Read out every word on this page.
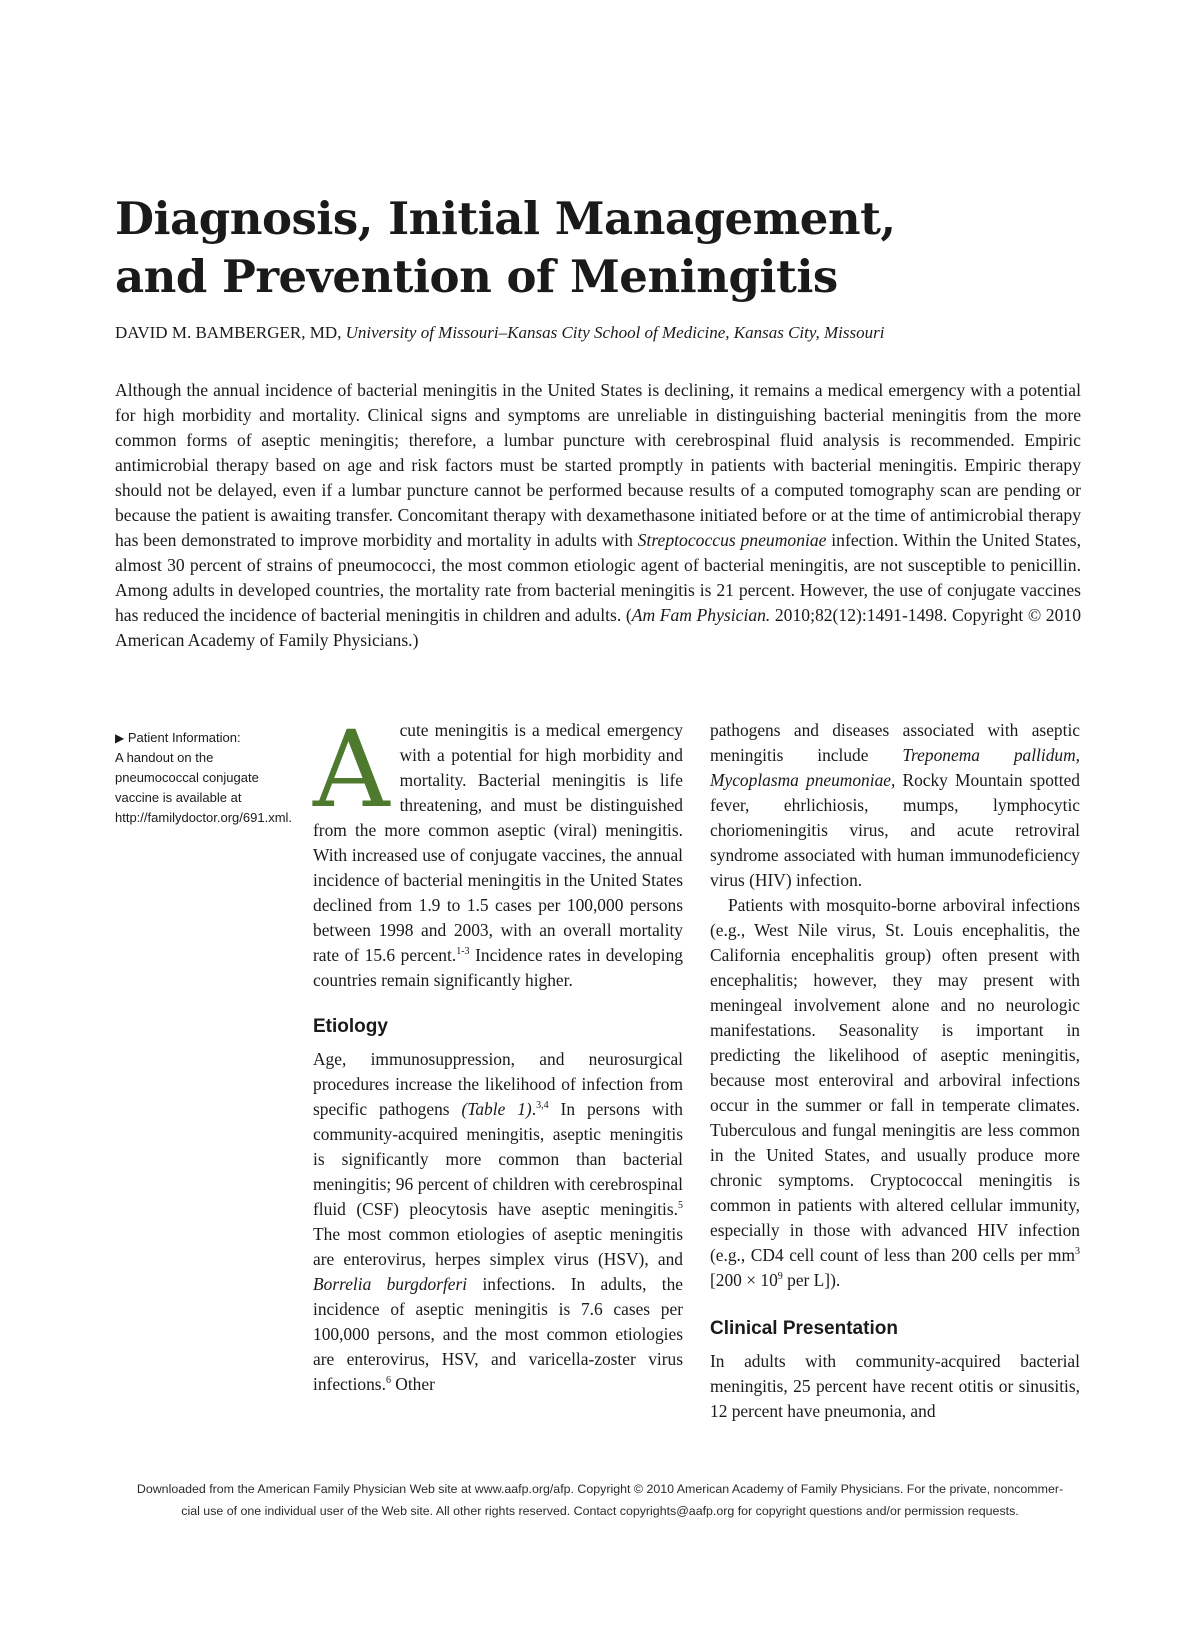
Diagnosis, Initial Management,
and Prevention of Meningitis
DAVID M. BAMBERGER, MD, University of Missouri–Kansas City School of Medicine, Kansas City, Missouri

Although the annual incidence of bacterial meningitis in the United States is declining, it remains a medical emergency with a potential for high morbidity and mortality. Clinical signs and symptoms are unreliable in distinguishing bacterial meningitis from the more common forms of aseptic meningitis; therefore, a lumbar puncture with cerebrospinal fluid analysis is recommended. Empiric antimicrobial therapy based on age and risk factors must be started promptly in patients with bacterial meningitis. Empiric therapy should not be delayed, even if a lumbar puncture cannot be performed because results of a computed tomography scan are pending or because the patient is awaiting transfer. Concomitant therapy with dexamethasone initiated before or at the time of antimicrobial therapy has been demonstrated to improve morbidity and mortality in adults with Streptococcus pneumoniae infection. Within the United States, almost 30 percent of strains of pneumococci, the most common etiologic agent of bacterial meningitis, are not susceptible to penicillin. Among adults in developed countries, the mortality rate from bacterial meningitis is 21 percent. However, the use of conjugate vaccines has reduced the incidence of bacterial meningitis in children and adults. (Am Fam Physician. 2010;82(12):1491-1498. Copyright © 2010 American Academy of Family Physicians.)

▶ Patient Information:
A handout on the pneumococcal conjugate vaccine is available at http://familydoctor.org/691.xml. Acute meningitis is a medical emergency with a potential for high morbidity and mortality. Bacterial meningitis is life threatening, and must be distinguished from the more common aseptic (viral) meningitis. With increased use of conjugate vaccines, the annual incidence of bacterial meningitis in the United States declined from 1.9 to 1.5 cases per 100,000 persons between 1998 and 2003, with an overall mortality rate of 15.6 percent.$^{1-3}$ Incidence rates in developing countries remain significantly higher.

Etiology

Age, immunosuppression, and neurosurgical procedures increase the likelihood of infection from specific pathogens (Table 1).$^{3,4}$ In persons with community-acquired meningitis, aseptic meningitis is significantly more common than bacterial meningitis; 96 percent of children with cerebrospinal fluid (CSF) pleocytosis have aseptic meningitis.$^5$ The most common etiologies of aseptic meningitis are enterovirus, herpes simplex virus (HSV), and Borrelia burgdorferi infections. In adults, the incidence of aseptic meningitis is 7.6 cases per 100,000 persons, and the most common etiologies are enterovirus, HSV, and varicella-zoster virus infections.$^6$ Other

pathogens and diseases associated with aseptic meningitis include Treponema pallidum, Mycoplasma pneumoniae, Rocky Mountain spotted fever, ehrlichiosis, mumps, lymphocytic choriomeningitis virus, and acute retroviral syndrome associated with human immunodeficiency virus (HIV) infection.

Patients with mosquito-borne arboviral infections (e.g., West Nile virus, St. Louis encephalitis, the California encephalitis group) often present with encephalitis; however, they may present with meningeal involvement alone and no neurologic manifestations. Seasonality is important in predicting the likelihood of aseptic meningitis, because most enteroviral and arboviral infections occur in the summer or fall in temperate climates. Tuberculous and fungal meningitis are less common in the United States, and usually produce more chronic symptoms. Cryptococcal meningitis is common in patients with altered cellular immunity, especially in those with advanced HIV infection (e.g., CD4 cell count of less than 200 cells per $mm^3$ [$200 \times 10^9$ per L]).

Clinical Presentation

In adults with community-acquired bacterial meningitis, 25 percent have recent otitis or sinusitis, 12 percent have pneumonia, and

Downloaded from the American Family Physician Web site at www.aafp.org/afp. Copyright © 2010 American Academy of Family Physicians. For the private, noncommer-
cial use of one individual user of the Web site. All other rights reserved. Contact copyrights@aafp.org for copyright questions and/or permission requests.
